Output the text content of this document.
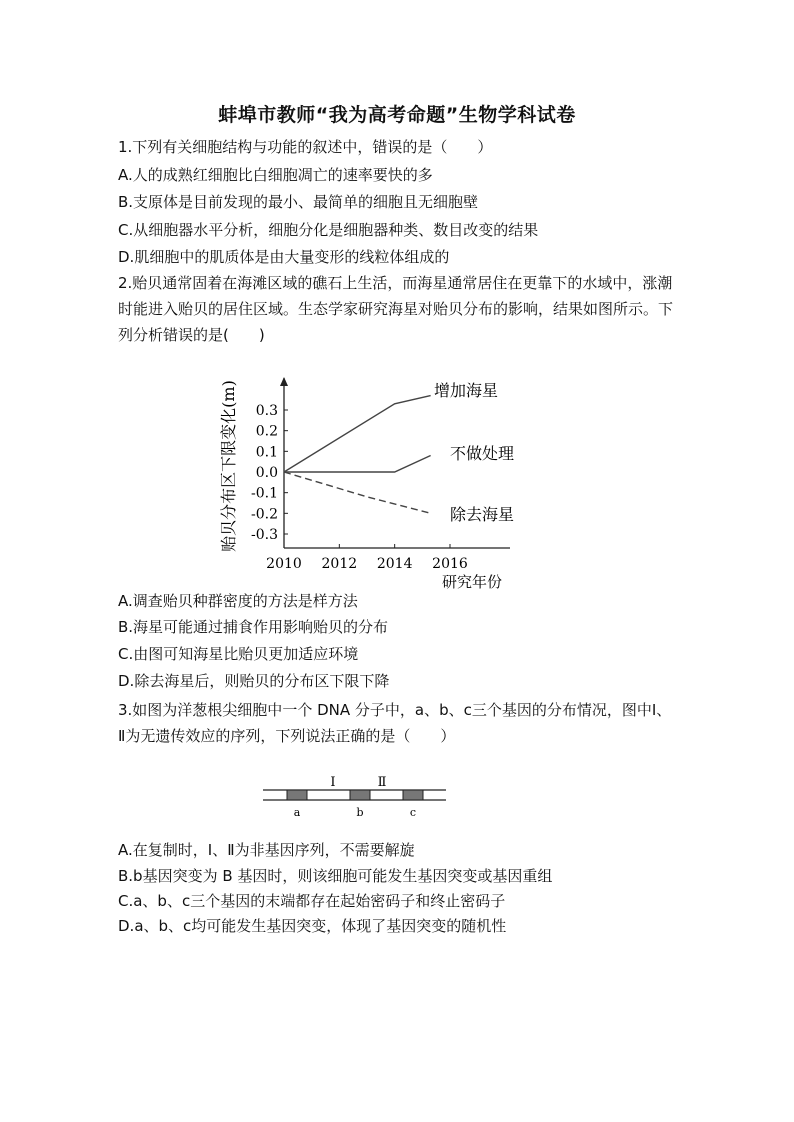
蚌埠市教师“我为高考命题”生物学科试卷
1.下列有关细胞结构与功能的叙述中，错误的是（　　）
A.人的成熟红细胞比白细胞凋亡的速率要快的多
B.支原体是目前发现的最小、最简单的细胞且无细胞壁
C.从细胞器水平分析，细胞分化是细胞器种类、数目改变的结果
D.肌细胞中的肌质体是由大量变形的线粒体组成的
2.贻贝通常固着在海滩区域的礁石上生活，而海星通常居住在更靠下的水域中，涨潮时能进入贻贝的居住区域。生态学家研究海星对贻贝分布的影响，结果如图所示。下列分析错误的是(　　)
0.3
0.2
0.1
0.0
-0.1
-0.2
-0.3
2010 2012 2014 2016
贻贝分布区下限变化(m)
研究年份
增加海星
不做处理
除去海星
A.调查贻贝种群密度的方法是样方法
B.海星可能通过捕食作用影响贻贝的分布
C.由图可知海星比贻贝更加适应环境
D.除去海星后，则贻贝的分布区下限下降
3.如图为洋葱根尖细胞中一个 DNA 分子中，a、b、c三个基因的分布情况，图中Ⅰ、Ⅱ为无遗传效应的序列，下列说法正确的是（　　）
Ⅰ	Ⅱ
a	b	c
A.在复制时，Ⅰ、Ⅱ为非基因序列，不需要解旋
B.b基因突变为 B 基因时，则该细胞可能发生基因突变或基因重组
C.a、b、c三个基因的末端都存在起始密码子和终止密码子
D.a、b、c均可能发生基因突变，体现了基因突变的随机性
